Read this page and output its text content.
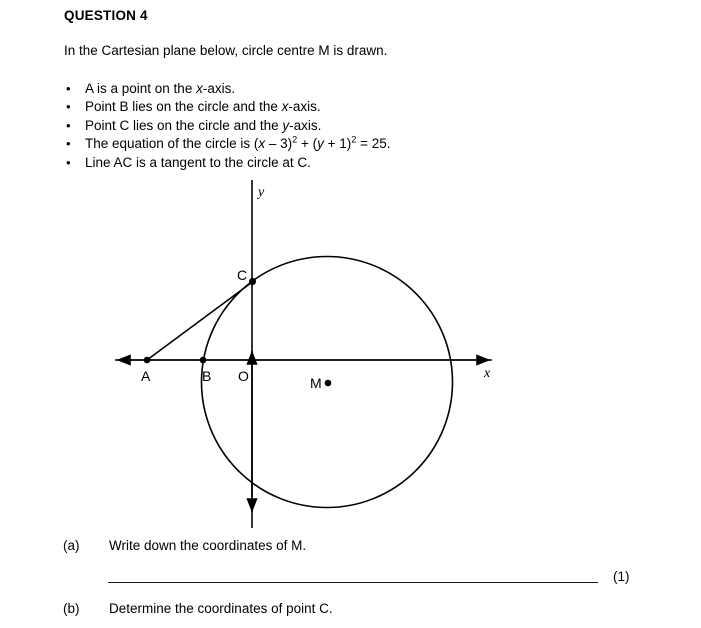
QUESTION 4
In the Cartesian plane below, circle centre M is drawn.
• A is a point on the x-axis.
• Point B lies on the circle and the x-axis.
• Point C lies on the circle and the y-axis.
• The equation of the circle is $(x - 3)^2 + (y + 1)^2 = 25$.
• Line AC is a tangent to the circle at C.
y
x
A	B O
C
M
(a) Write down the coordinates of M.
(1)
(b) Determine the coordinates of point C.
